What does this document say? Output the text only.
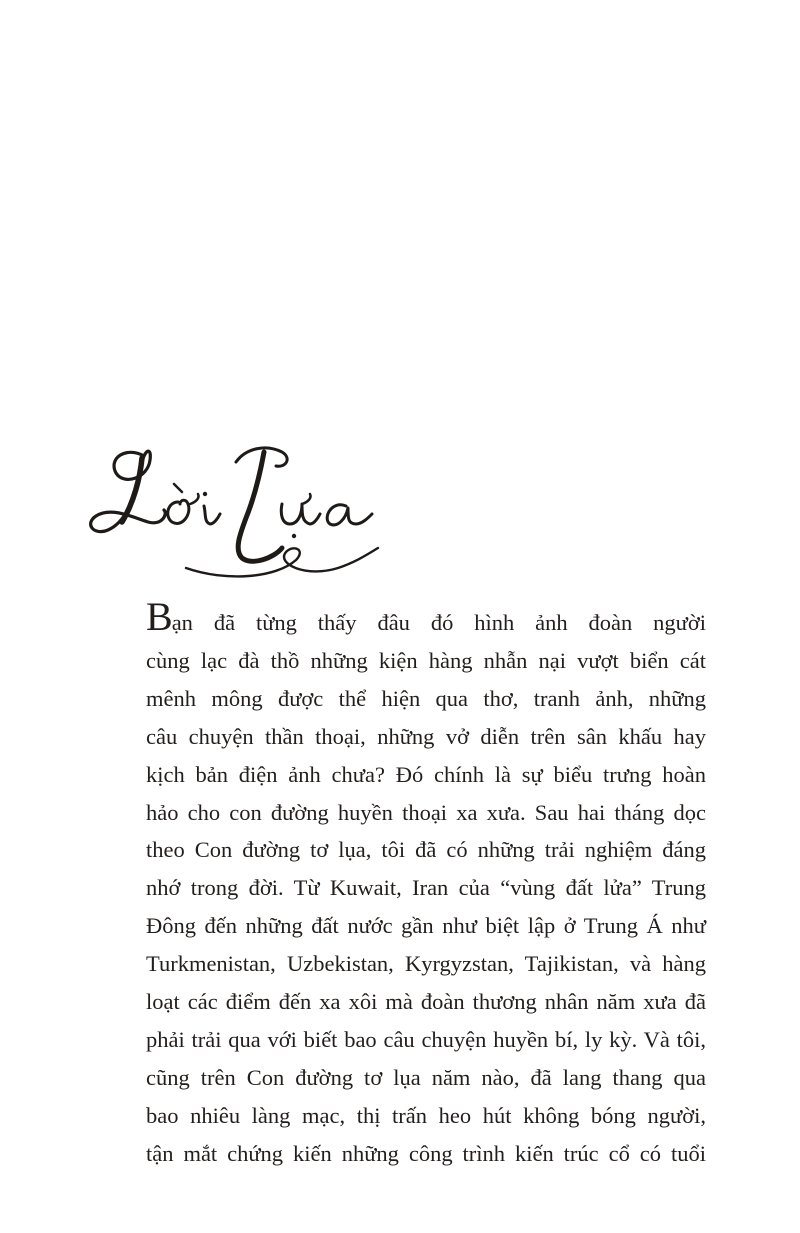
Bạn đã từng thấy đâu đó hình ảnh đoàn người
cùng lạc đà thồ những kiện hàng nhẫn nại vượt biển cát
mênh mông được thể hiện qua thơ, tranh ảnh, những
câu chuyện thần thoại, những vở diễn trên sân khấu hay
kịch bản điện ảnh chưa? Đó chính là sự biểu trưng hoàn
hảo cho con đường huyền thoại xa xưa. Sau hai tháng dọc
theo Con đường tơ lụa, tôi đã có những trải nghiệm đáng
nhớ trong đời. Từ Kuwait, Iran của “vùng đất lửa” Trung
Đông đến những đất nước gần như biệt lập ở Trung Á như
Turkmenistan, Uzbekistan, Kyrgyzstan, Tajikistan, và hàng
loạt các điểm đến xa xôi mà đoàn thương nhân năm xưa đã
phải trải qua với biết bao câu chuyện huyền bí, ly kỳ. Và tôi,
cũng trên Con đường tơ lụa năm nào, đã lang thang qua
bao nhiêu làng mạc, thị trấn heo hút không bóng người,
tận mắt chứng kiến những công trình kiến trúc cổ có tuổi
